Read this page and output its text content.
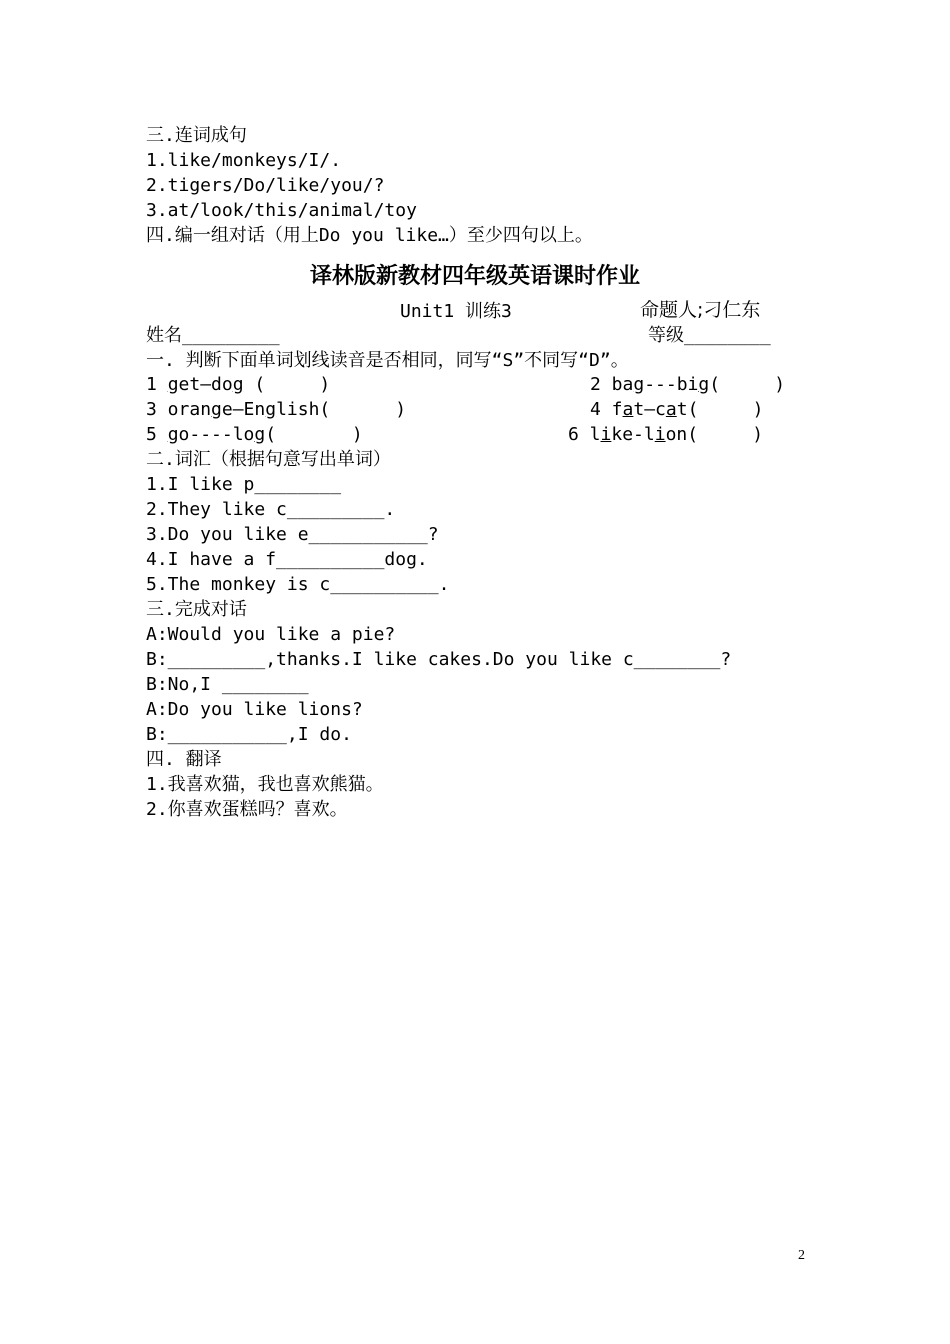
三.连词成句
1.like/monkeys/I/.
2.tigers/Do/like/you/?
3.at/look/this/animal/toy
四.编一组对话（用上Do you like…）至少四句以上。
译林版新教材四年级英语课时作业
Unit1 训练3	命题人;刁仁东
姓名_________	等级________
一. 判断下面单词划线读音是否相同，同写“S”不同写“D”。
1 get—dog (     )	2 bag---big(     )
3 orange—English(      )	4 fat—cat(     )
5 go----log(       )	6 like-lion(     )
二.词汇（根据句意写出单词）
1.I like p________
2.They like c_________.
3.Do you like e___________?
4.I have a f__________dog.
5.The monkey is c__________.
三.完成对话
A:Would you like a pie?
B:_________,thanks.I like cakes.Do you like c________?
B:No,I ________
A:Do you like lions?
B:___________,I do.
四. 翻译
1.我喜欢猫，我也喜欢熊猫。
2.你喜欢蛋糕吗？喜欢。
2
